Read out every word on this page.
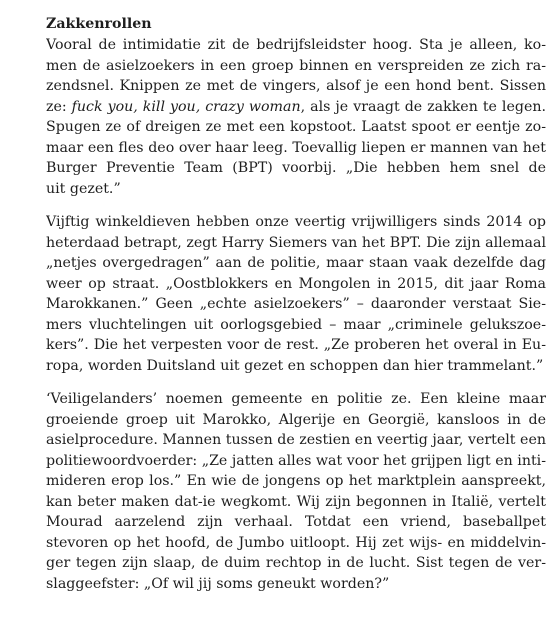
Zakkenrollen
Vooral de intimidatie zit de bedrijfsleidster hoog. Sta je alleen, ko-
men de asielzoekers in een groep binnen en verspreiden ze zich ra-
zendsnel. Knippen ze met de vingers, alsof je een hond bent. Sissen
ze: fuck you, kill you, crazy woman, als je vraagt de zakken te legen.
Spugen ze of dreigen ze met een kopstoot. Laatst spoot er eentje zo-
maar een fles deo over haar leeg. Toevallig liepen er mannen van het
Burger Preventie Team (BPT) voorbij. „Die hebben hem snel de
uit gezet.”
Vijftig winkeldieven hebben onze veertig vrijwilligers sinds 2014 op
heterdaad betrapt, zegt Harry Siemers van het BPT. Die zijn allemaal
„netjes overgedragen” aan de politie, maar staan vaak dezelfde dag
weer op straat. „Oostblokkers en Mongolen in 2015, dit jaar Roma
Marokkanen.” Geen „echte asielzoekers” – daaronder verstaat Sie-
mers vluchtelingen uit oorlogsgebied – maar „criminele gelukszoe-
kers”. Die het verpesten voor de rest. „Ze proberen het overal in Eu-
ropa, worden Duitsland uit gezet en schoppen dan hier trammelant.”
‘Veiligelanders’ noemen gemeente en politie ze. Een kleine maar
groeiende groep uit Marokko, Algerije en Georgië, kansloos in de
asielprocedure. Mannen tussen de zestien en veertig jaar, vertelt een
politiewoordvoerder: „Ze jatten alles wat voor het grijpen ligt en inti-
mideren erop los.” En wie de jongens op het marktplein aanspreekt,
kan beter maken dat-ie wegkomt. Wij zijn begonnen in Italië, vertelt
Mourad aarzelend zijn verhaal. Totdat een vriend, baseballpet
stevoren op het hoofd, de Jumbo uitloopt. Hij zet wijs- en middelvin-
ger tegen zijn slaap, de duim rechtop in de lucht. Sist tegen de ver-
slaggeefster: „Of wil jij soms geneukt worden?”
